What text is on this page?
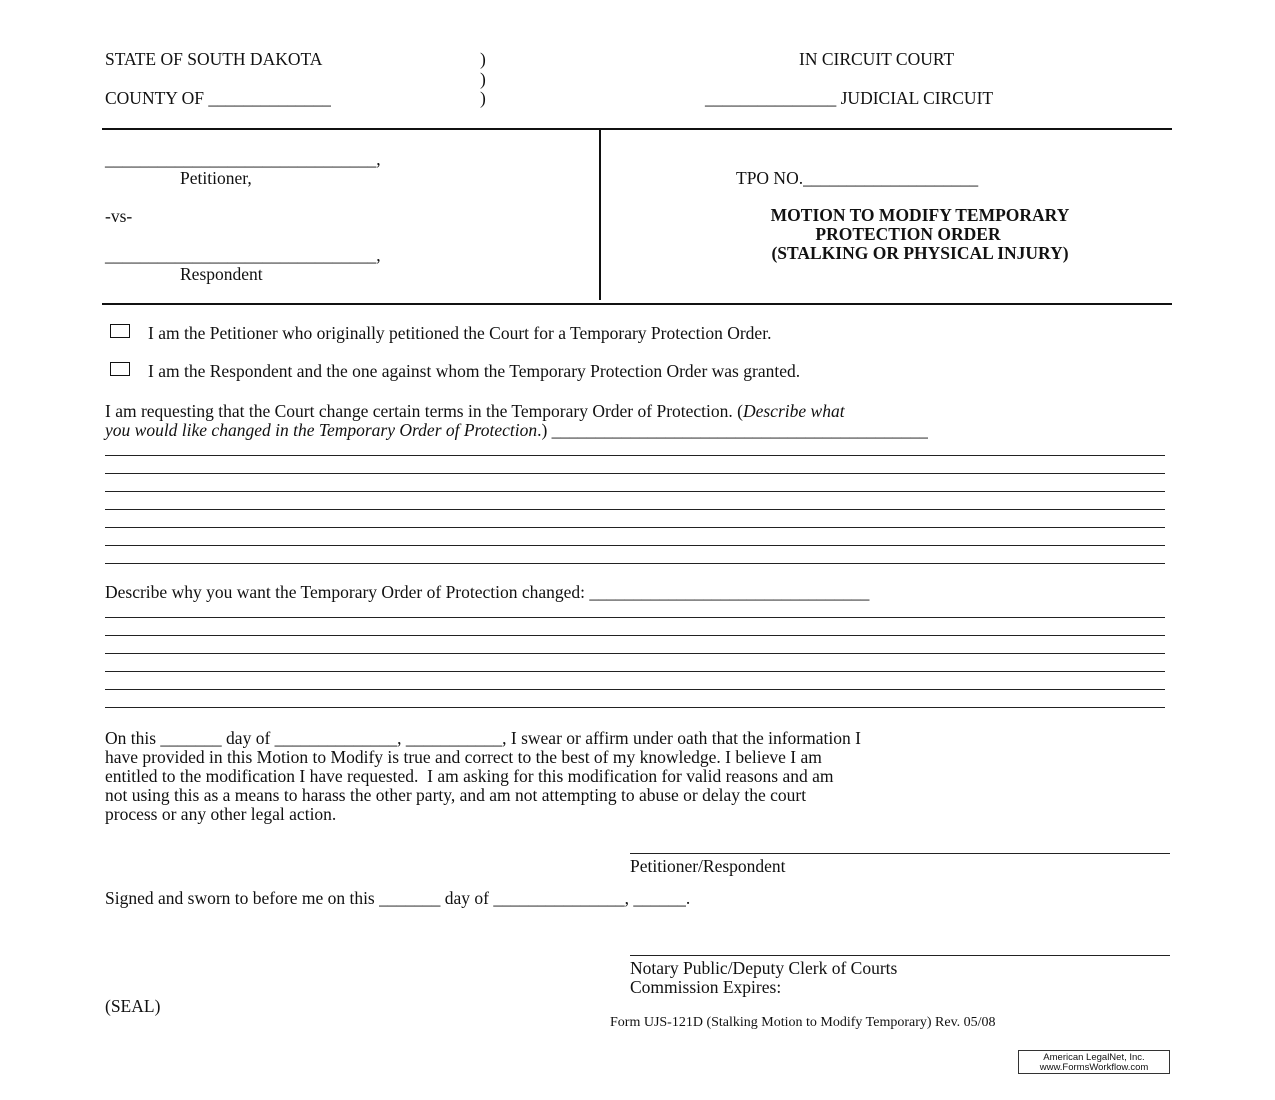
STATE OF SOUTH DAKOTA
COUNTY OF ______________
)
)
)
IN CIRCUIT COURT
_______________ JUDICIAL CIRCUIT
_______________________________,
Petitioner,
-vs-
_______________________________,
Respondent
TPO NO.____________________
MOTION TO MODIFY TEMPORARY
PROTECTION ORDER
(STALKING OR PHYSICAL INJURY)
I am the Petitioner who originally petitioned the Court for a Temporary Protection Order.
I am the Respondent and the one against whom the Temporary Protection Order was granted.
I am requesting that the Court change certain terms in the Temporary Order of Protection. (Describe what
you would like changed in the Temporary Order of Protection.) ___________________________________________
Describe why you want the Temporary Order of Protection changed: ________________________________
On this _______ day of ______________, ___________, I swear or affirm under oath that the information I
have provided in this Motion to Modify is true and correct to the best of my knowledge. I believe I am
entitled to the modification I have requested.  I am asking for this modification for valid reasons and am
not using this as a means to harass the other party, and am not attempting to abuse or delay the court
process or any other legal action.
Petitioner/Respondent
Signed and sworn to before me on this _______ day of _______________, ______.
Notary Public/Deputy Clerk of Courts
Commission Expires:
(SEAL)
Form UJS-121D (Stalking Motion to Modify Temporary) Rev. 05/08
American LegalNet, Inc.
www.FormsWorkflow.com
